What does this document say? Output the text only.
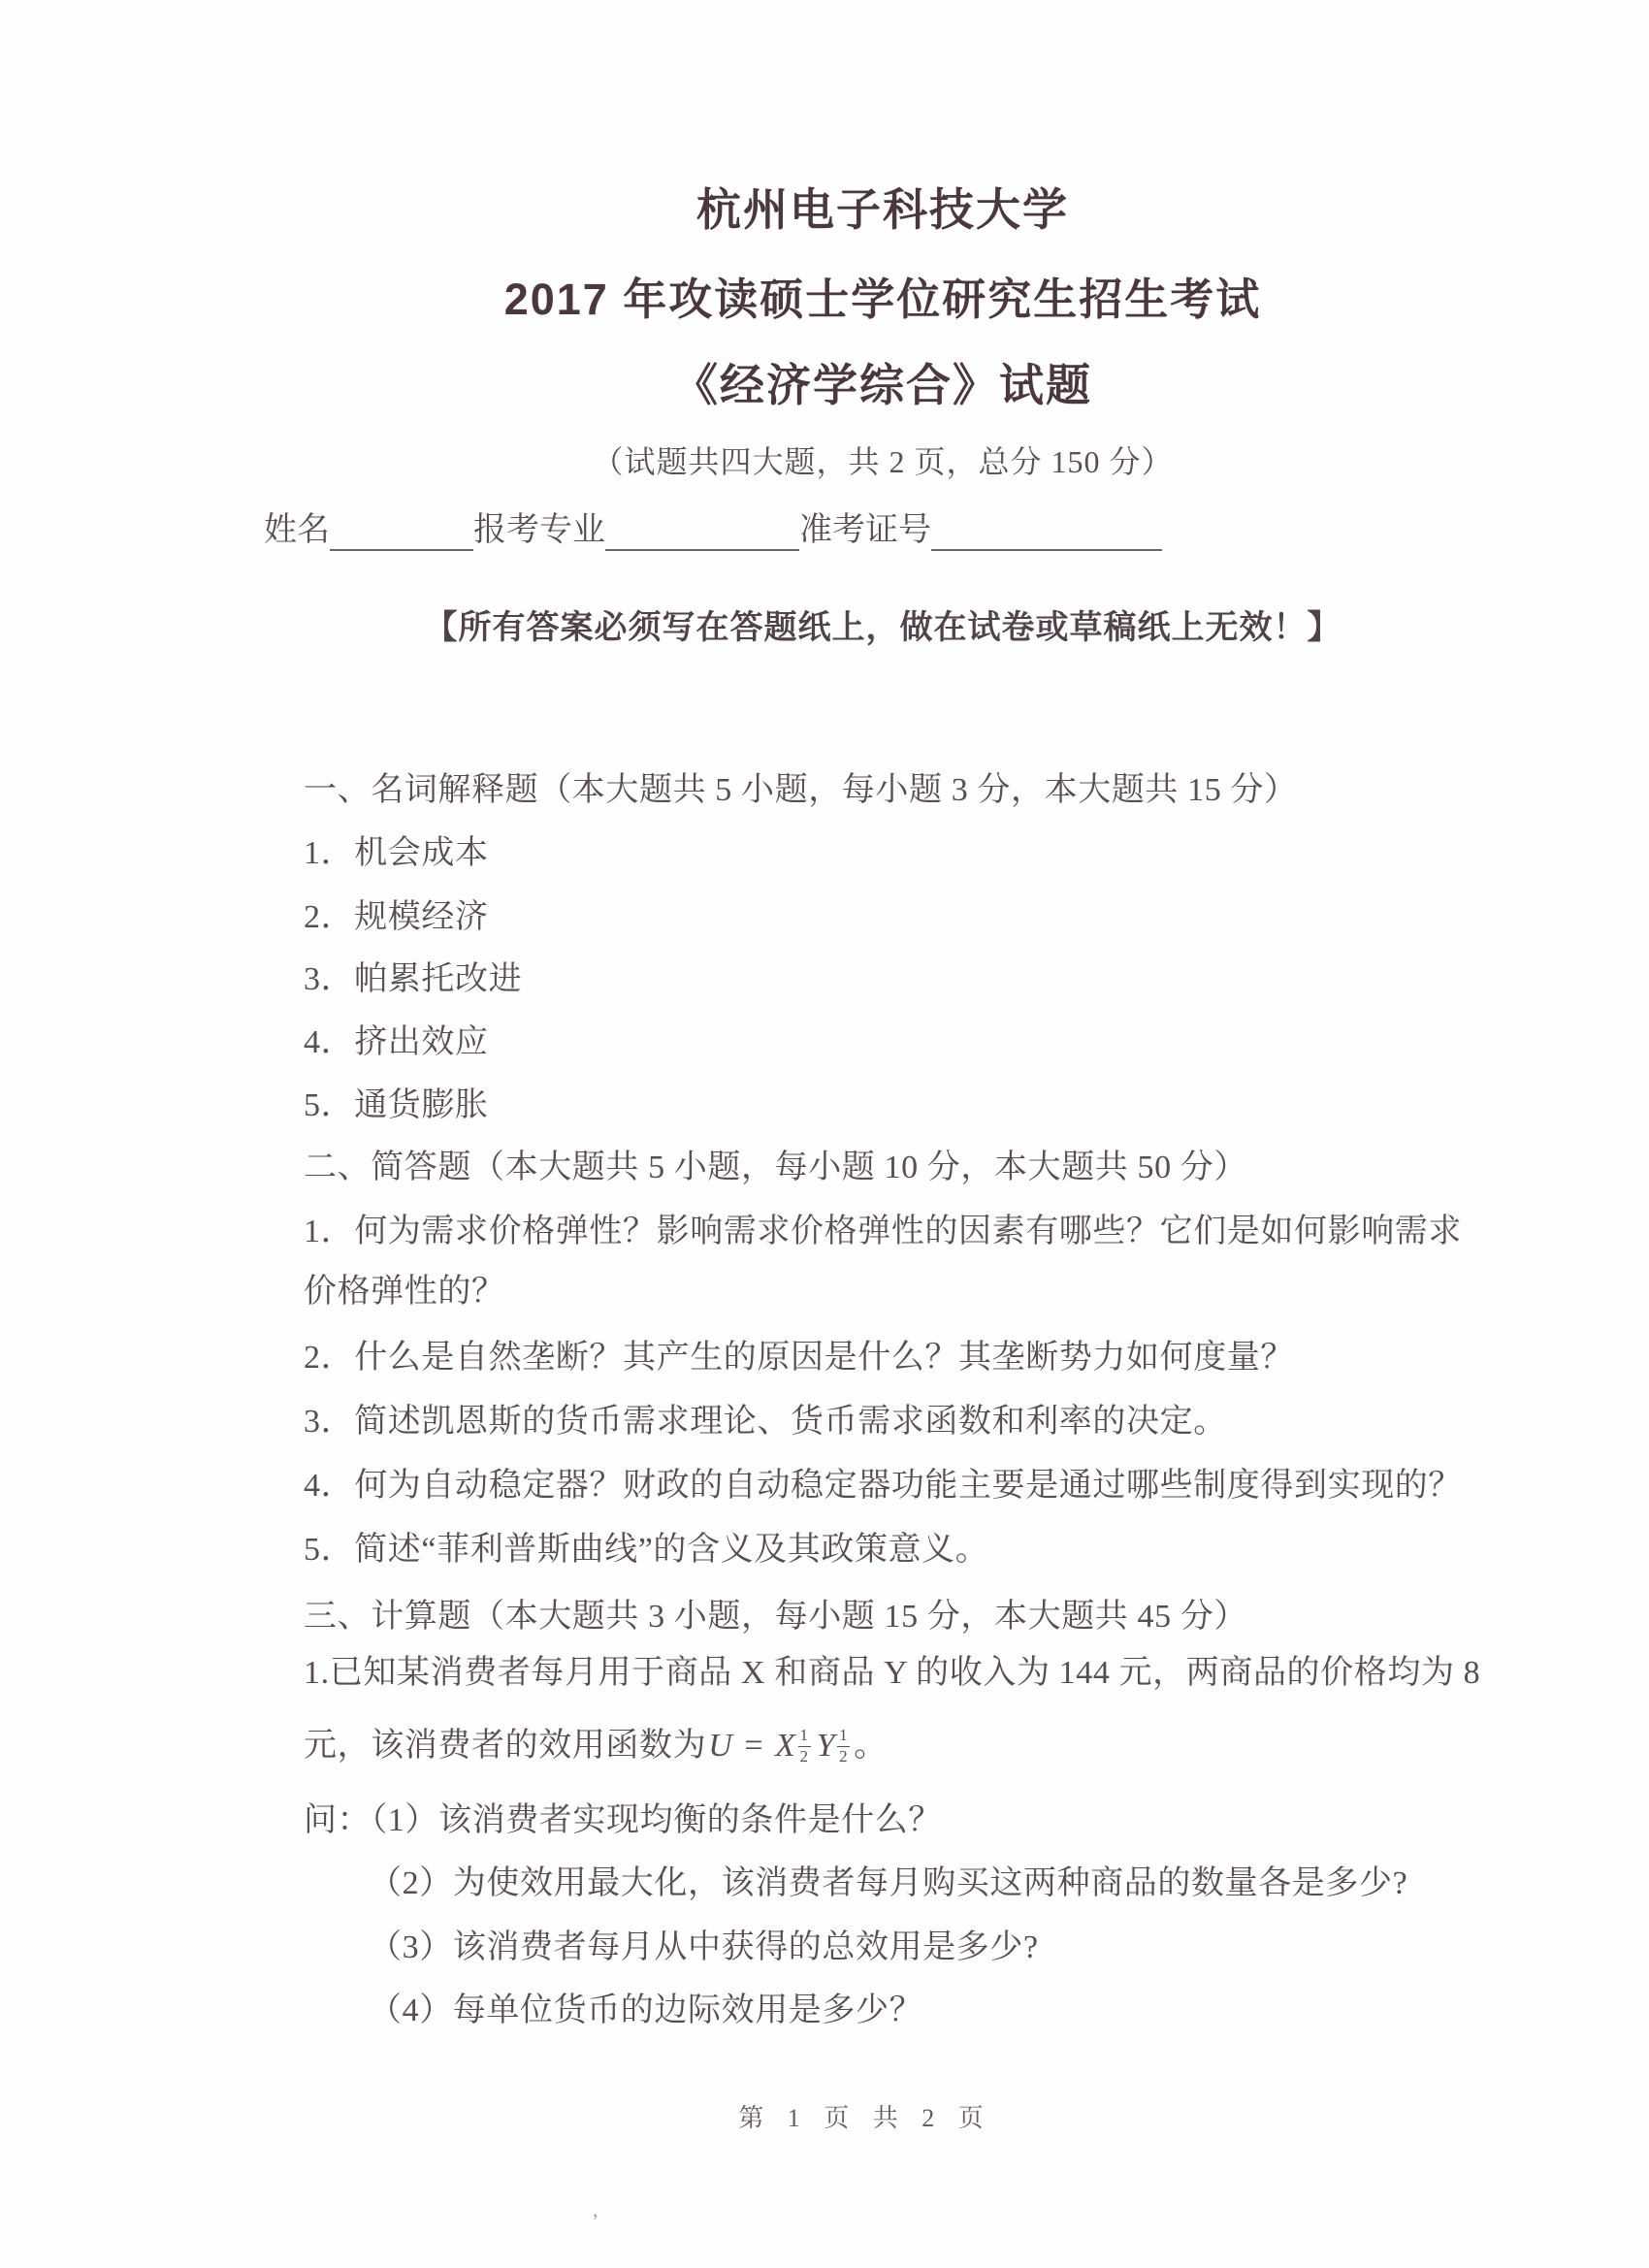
杭州电子科技大学
2017 年攻读硕士学位研究生招生考试
《经济学综合》试题
（试题共四大题，共 2 页，总分 150 分）
姓名	报考专业	准考证号
【所有答案必须写在答题纸上，做在试卷或草稿纸上无效！】
一、名词解释题（本大题共 5 小题，每小题 3 分，本大题共 15 分）
1．机会成本
2．规模经济
3．帕累托改进
4．挤出效应
5．通货膨胀
二、简答题（本大题共 5 小题，每小题 10 分，本大题共 50 分）
1．何为需求价格弹性？影响需求价格弹性的因素有哪些？它们是如何影响需求
价格弹性的？
2．什么是自然垄断？其产生的原因是什么？其垄断势力如何度量？
3．简述凯恩斯的货币需求理论、货币需求函数和利率的决定。
4．何为自动稳定器？财政的自动稳定器功能主要是通过哪些制度得到实现的？
5．简述“菲利普斯曲线”的含义及其政策意义。
三、计算题（本大题共 3 小题，每小题 15 分，本大题共 45 分）
1.已知某消费者每月用于商品 X 和商品 Y 的收入为 144 元，两商品的价格均为 8
元，该消费者的效用函数为U = X $\frac{1}{2}$ Y $\frac{1}{2}$ 。
问：（1）该消费者实现均衡的条件是什么？
（2）为使效用最大化，该消费者每月购买这两种商品的数量各是多少?
（3）该消费者每月从中获得的总效用是多少?
（4）每单位货币的边际效用是多少？
第 1 页 共 2 页
’
